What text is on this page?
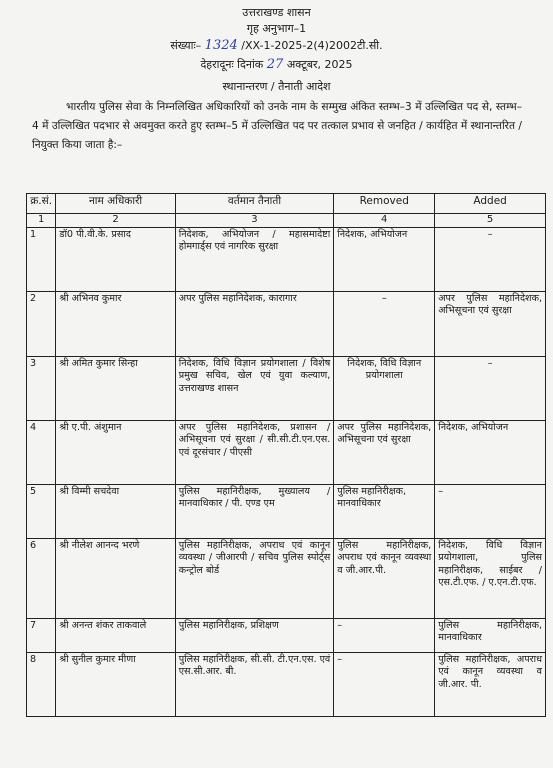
उत्तराखण्ड शासन
गृह अनुभाग–1
संख्याः– 1324 /XX-1-2025-2(4)2002टी.सी.
देहरादूनः दिनांक 27 अक्टूबर, 2025
स्थानान्तरण / तैनाती आदेश
भारतीय पुलिस सेवा के निम्नलिखित अधिकारियों को उनके नाम के सम्मुख अंकित स्तम्भ–3 में उल्लिखित पद से, स्तम्भ–4 में उल्लिखित पदभार से अवमुक्त करते हुए स्तम्भ–5 में उल्लिखित पद पर तत्काल प्रभाव से जनहित / कार्यहित में स्थानान्तरित / नियुक्त किया जाता है:–
क्र.सं.	नाम अधिकारी	वर्तमान तैनाती	Removed	Added
1	2	3	4	5
1	डॉ0 पी.वी.के. प्रसाद	निदेशक, अभियोजन / महासमादेष्टा होमगार्ड्स एवं नागरिक सुरक्षा	निदेशक, अभियोजन	–
2	श्री अभिनव कुमार	अपर पुलिस महानिदेशक, कारागार	–	अपर पुलिस महानिदेशक, अभिसूचना एवं सुरक्षा
3	श्री अमित कुमार सिन्हा	निदेशक, विधि विज्ञान प्रयोगशाला / विशेष प्रमुख सचिव, खेल एवं युवा कल्याण, उत्तराखण्ड शासन	निदेशक, विधि विज्ञान प्रयोगशाला	–
4	श्री ए.पी. अंशुमान	अपर पुलिस महानिदेशक, प्रशासन / अभिसूचना एवं सुरक्षा / सी.सी.टी.एन.एस. एवं दूरसंचार / पीएसी	अपर पुलिस महानिदेशक, अभिसूचना एवं सुरक्षा	निदेशक, अभियोजन
5	श्री विम्मी सचदेवा	पुलिस महानिरीक्षक, मुख्यालय / मानवाधिकार / पी. एण्ड एम	पुलिस महानिरीक्षक, मानवाधिकार	–
6	श्री नीलेश आनन्द भरणे	पुलिस महानिरीक्षक, अपराध एवं कानून व्यवस्था / जीआरपी / सचिव पुलिस स्पोर्ट्स कन्ट्रोल बोर्ड	पुलिस महानिरीक्षक, अपराध एवं कानून व्यवस्था व जी.आर.पी.	निदेशक, विधि विज्ञान प्रयोगशाला, पुलिस महानिरीक्षक, साईबर / एस.टी.एफ. / ए.एन.टी.एफ.
7	श्री अनन्त शंकर ताकवाले	पुलिस महानिरीक्षक, प्रशिक्षण	–	पुलिस महानिरीक्षक, मानवाधिकार
8	श्री सुनील कुमार मीणा	पुलिस महानिरीक्षक, सी.सी. टी.एन.एस. एवं एस.सी.आर. बी.	–	पुलिस महानिरीक्षक, अपराध एवं कानून व्यवस्था व जी.आर. पी.
